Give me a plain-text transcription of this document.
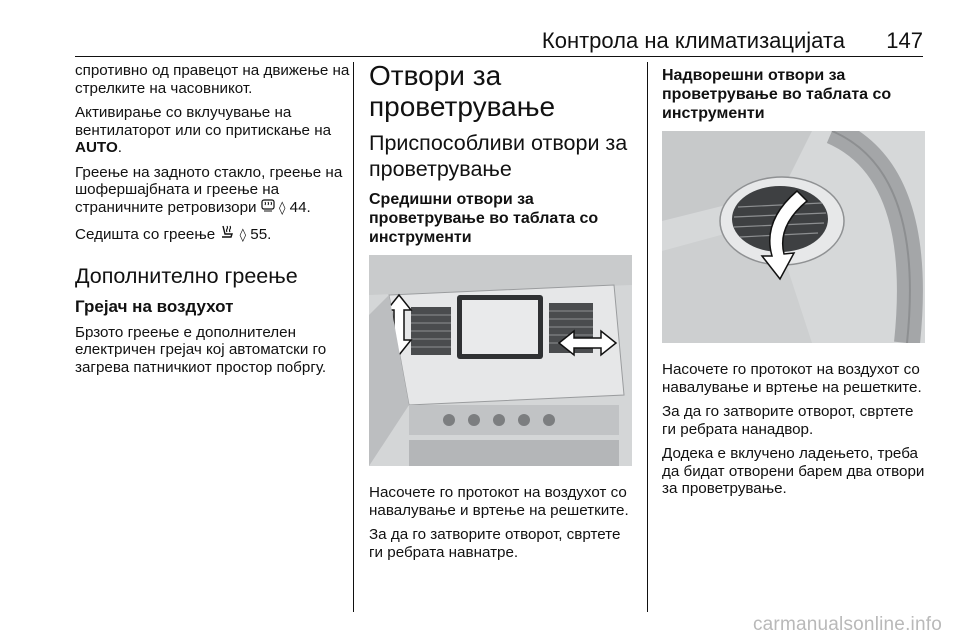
Контрола на климатизацијата 147

спротивно од правецот на движење на стрелките на часовникот.

Активирање со вклучување на вентилаторот или со притискање на AUTO.

Греење на задното стакло, греење на шофершајбната и греење на страничните ретровизори  ◊ 44.

Седишта со греење  ◊ 55.

Дополнително греење
Грејач на воздухот

Брзото греење е дополнителен електричен грејач кој автоматски го загрева патничкиот простор побргу.

Отвори за проветрување
Приспособливи отвори за проветрување
Средишни отвори за проветрување во таблата со инструменти

Насочете го протокот на воздухот со навалување и вртење на решетките.

За да го затворите отворот, свртете ги ребрата навнатре.

Надворешни отвори за проветрување во таблата со инструменти

Насочете го протокот на воздухот со навалување и вртење на решетките.

За да го затворите отворот, свртете ги ребрата нанадвор.

Додека е вклучено ладењето, треба да бидат отворени барем два отвори за проветрување.

carmanualsonline.info
